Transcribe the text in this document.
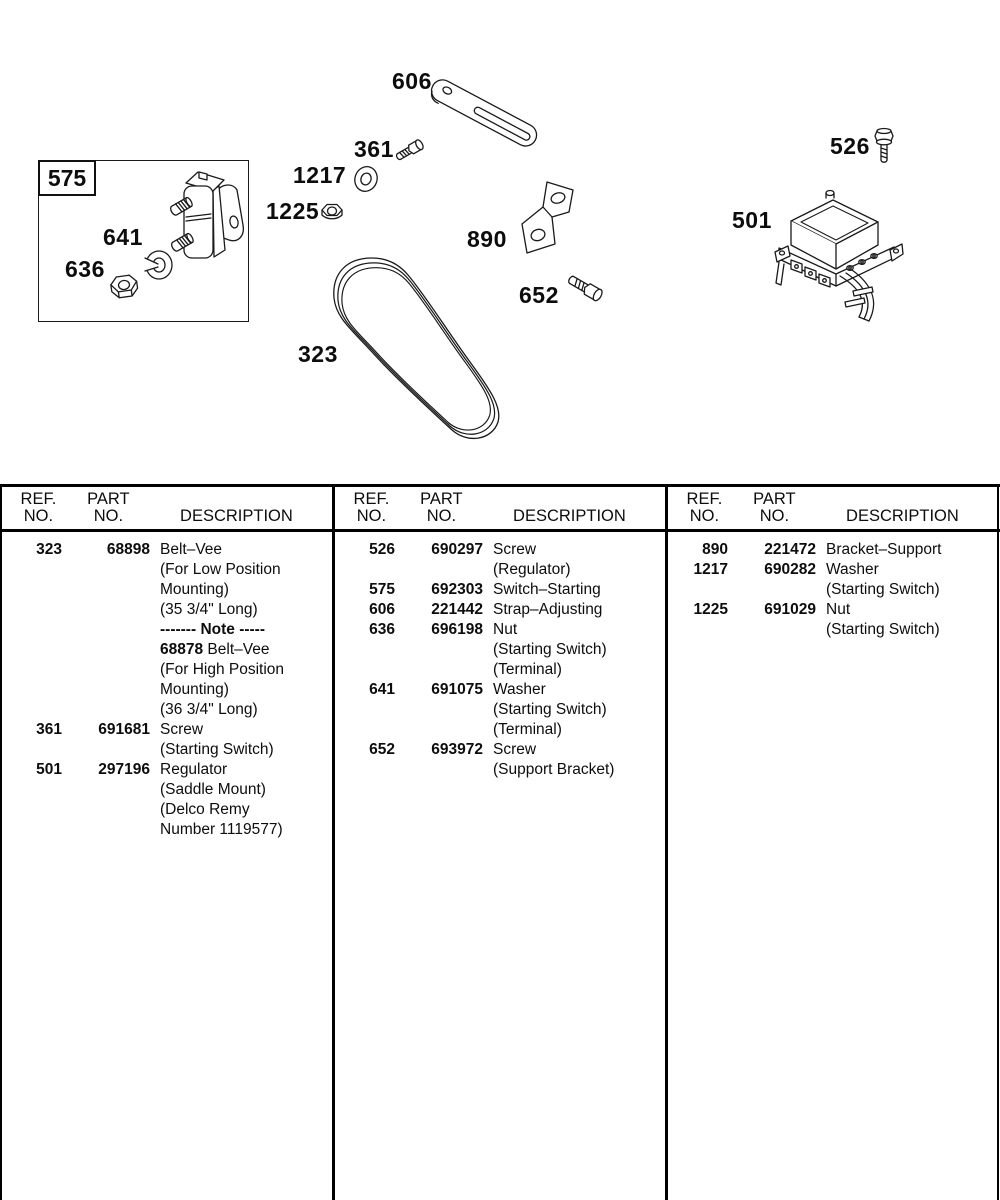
575
606
361
1217
1225
641
636
890
652
323
526
501
REF.
NO.
PART
NO.	DESCRIPTION
323	68898 Belt–Vee
(For Low Position
Mounting)
(35 3/4" Long)
------- Note -----
68878 Belt–Vee
(For High Position
Mounting)
(36 3/4" Long)
361	691681 Screw
(Starting Switch)
501	297196 Regulator
(Saddle Mount)
(Delco Remy
Number 1119577)
REF.
NO.
PART
NO.	DESCRIPTION
526	690297 Screw
(Regulator)
575	692303 Switch–Starting
606	221442 Strap–Adjusting
636	696198 Nut
(Starting Switch)
(Terminal)
641	691075 Washer
(Starting Switch)
(Terminal)
652	693972 Screw
(Support Bracket)
REF.
NO.
PART
NO.	DESCRIPTION
890	221472 Bracket–Support
1217	690282 Washer
(Starting Switch)
1225	691029 Nut
(Starting Switch)
